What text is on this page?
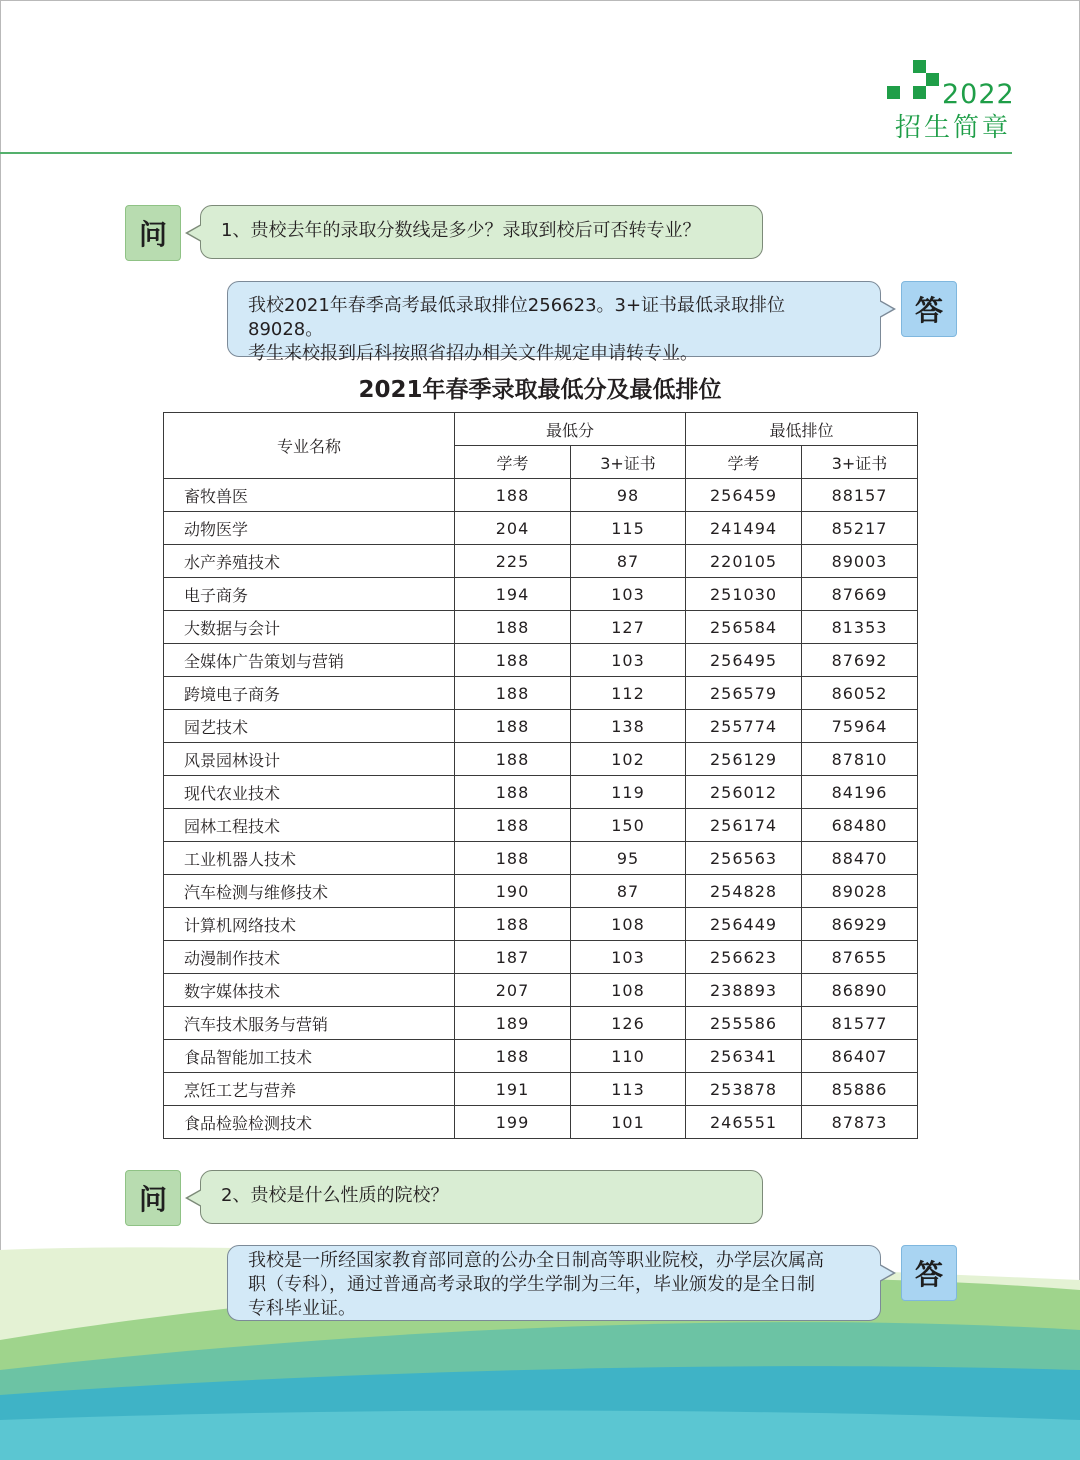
2022
招生简章
问	1、贵校去年的录取分数线是多少？录取到校后可否转专业？
我校2021年春季高考最低录取排位256623。3+证书最低录取排位89028。
考生来校报到后科按照省招办相关文件规定申请转专业。
答
2021年春季录取最低分及最低排位
专业名称	最低分		最低排位	
	学考	3+证书	学考	3+证书
畜牧兽医	188	98	256459	88157
动物医学	204	115	241494	85217
水产养殖技术	225	87	220105	89003
电子商务	194	103	251030	87669
大数据与会计	188	127	256584	81353
全媒体广告策划与营销	188	103	256495	87692
跨境电子商务	188	112	256579	86052
园艺技术	188	138	255774	75964
风景园林设计	188	102	256129	87810
现代农业技术	188	119	256012	84196
园林工程技术	188	150	256174	68480
工业机器人技术	188	95	256563	88470
汽车检测与维修技术	190	87	254828	89028
计算机网络技术	188	108	256449	86929
动漫制作技术	187	103	256623	87655
数字媒体技术	207	108	238893	86890
汽车技术服务与营销	189	126	255586	81577
食品智能加工技术	188	110	256341	86407
烹饪工艺与营养	191	113	253878	85886
食品检验检测技术	199	101	246551	87873
问	2、贵校是什么性质的院校？
我校是一所经国家教育部同意的公办全日制高等职业院校，办学层次属高
职（专科），通过普通高考录取的学生学制为三年，毕业颁发的是全日制
专科毕业证。
答
